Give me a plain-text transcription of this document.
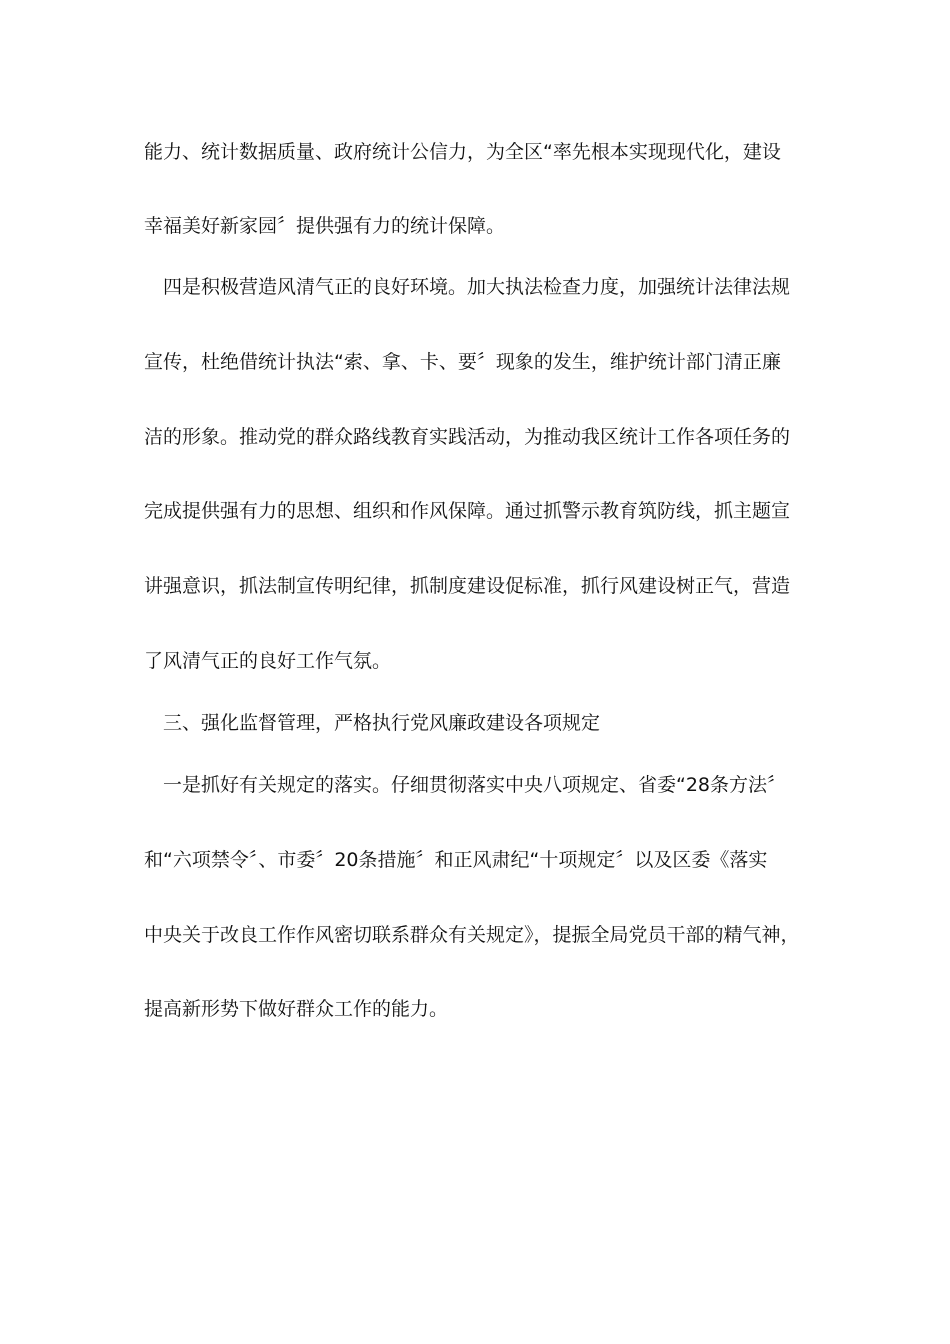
能力、统计数据质量、政府统计公信力，为全区“率先根本实现现代化，建设
幸福美好新家园〞提供强有力的统计保障。
四是积极营造风清气正的良好环境。加大执法检查力度，加强统计法律法规
宣传，杜绝借统计执法“索、拿、卡、要〞现象的发生，维护统计部门清正廉
洁的形象。推动党的群众路线教育实践活动，为推动我区统计工作各项任务的
完成提供强有力的思想、组织和作风保障。通过抓警示教育筑防线，抓主题宣
讲强意识，抓法制宣传明纪律，抓制度建设促标准，抓行风建设树正气，营造
了风清气正的良好工作气氛。
三、强化监督管理，严格执行党风廉政建设各项规定
一是抓好有关规定的落实。仔细贯彻落实中央八项规定、省委“28条方法〞
和“六项禁令〞、市委〞20条措施〞和正风肃纪“十项规定〞以及区委《落实
中央关于改良工作作风密切联系群众有关规定》，提振全局党员干部的精气神，
提高新形势下做好群众工作的能力。
